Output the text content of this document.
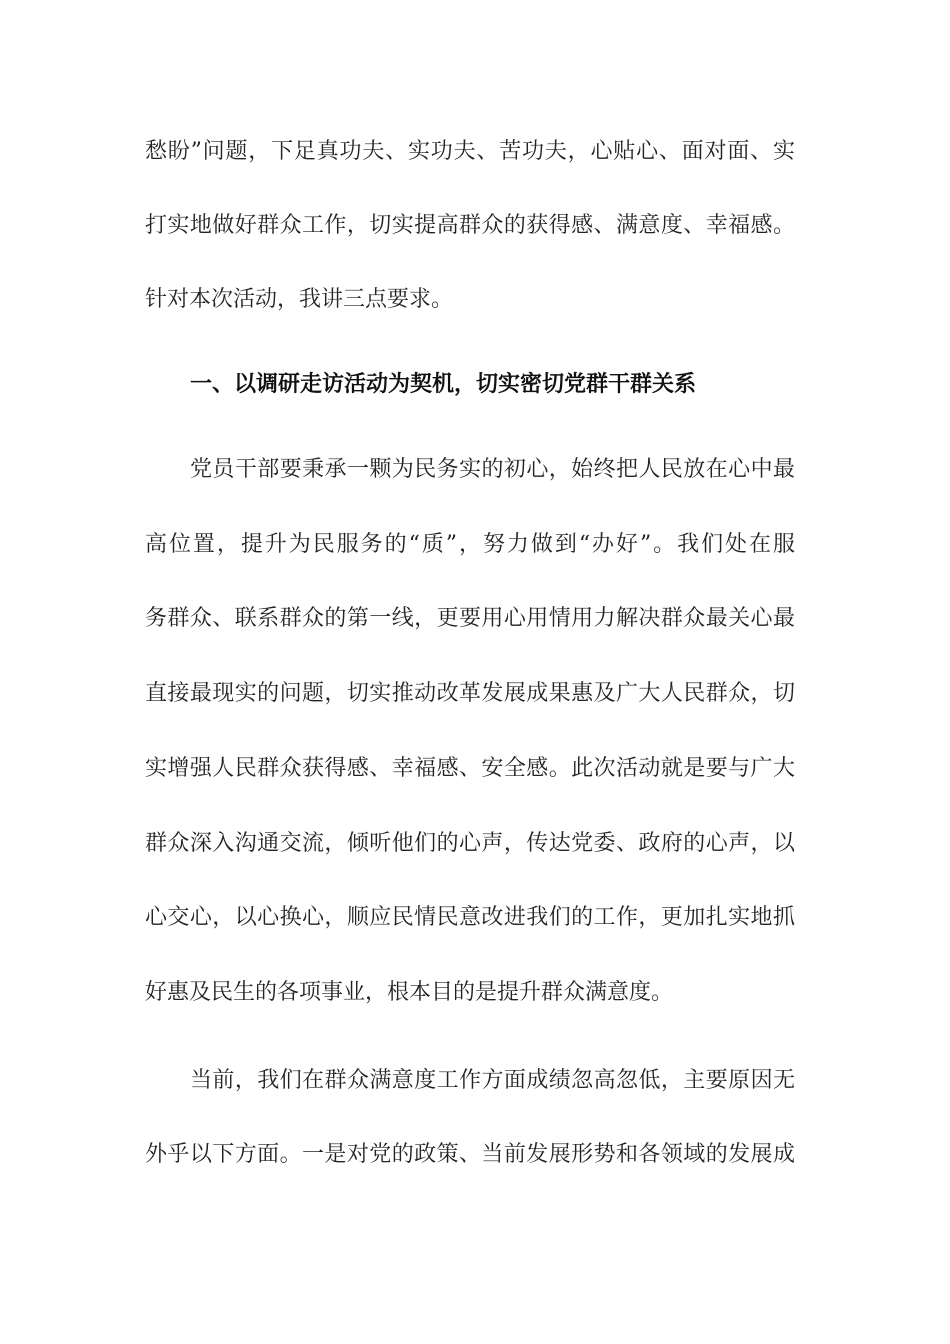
愁盼”问题，下足真功夫、实功夫、苦功夫，心贴心、面对面、实
打实地做好群众工作，切实提高群众的获得感、满意度、幸福感。
针对本次活动，我讲三点要求。
一、以调研走访活动为契机，切实密切党群干群关系
党员干部要秉承一颗为民务实的初心，始终把人民放在心中最
高位置，提升为民服务的“质”，努力做到“办好”。我们处在服
务群众、联系群众的第一线，更要用心用情用力解决群众最关心最
直接最现实的问题，切实推动改革发展成果惠及广大人民群众，切
实增强人民群众获得感、幸福感、安全感。此次活动就是要与广大
群众深入沟通交流，倾听他们的心声，传达党委、政府的心声，以
心交心，以心换心，顺应民情民意改进我们的工作，更加扎实地抓
好惠及民生的各项事业，根本目的是提升群众满意度。
当前，我们在群众满意度工作方面成绩忽高忽低，主要原因无
外乎以下方面。一是对党的政策、当前发展形势和各领域的发展成
